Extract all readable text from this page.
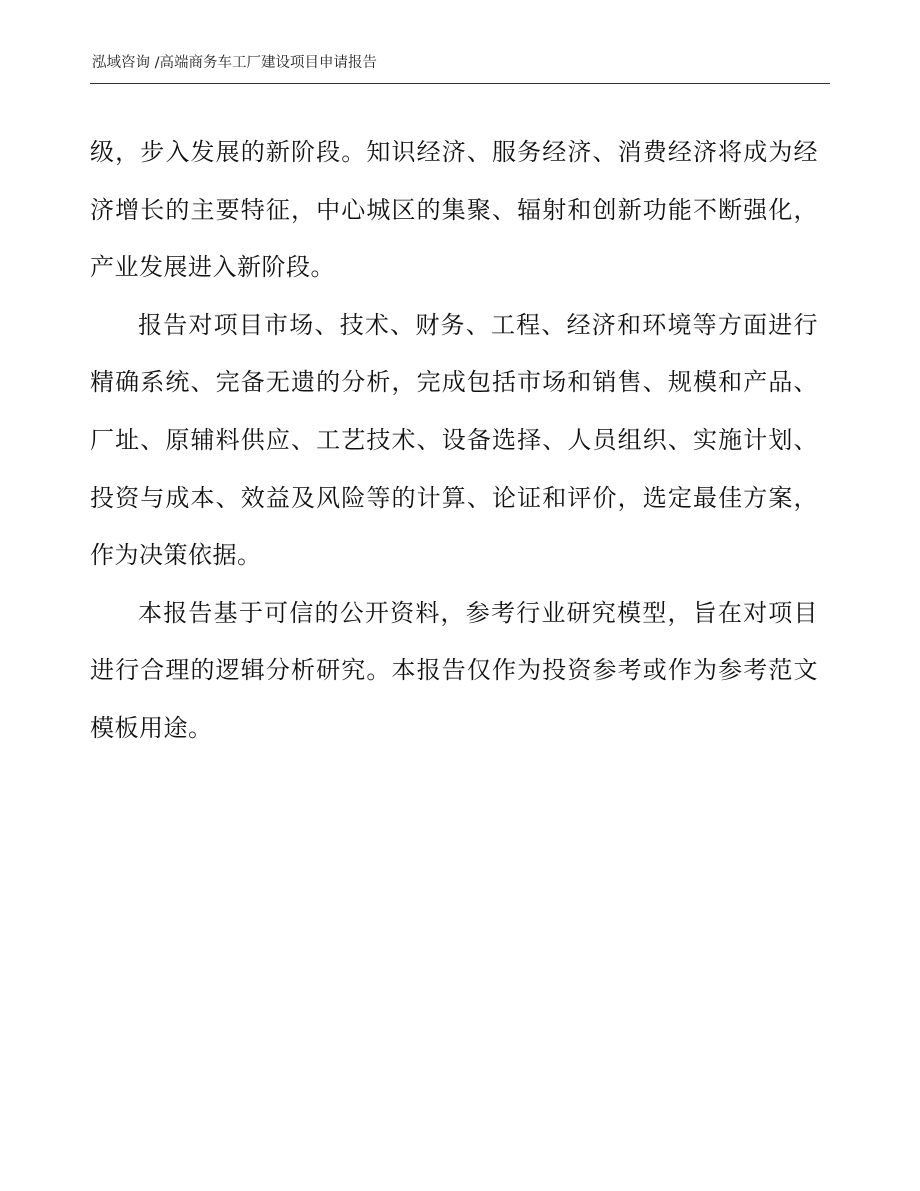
泓域咨询 /高端商务车工厂建设项目申请报告

级，步入发展的新阶段。知识经济、服务经济、消费经济将成为经济增长的主要特征，中心城区的集聚、辐射和创新功能不断强化，产业发展进入新阶段。

报告对项目市场、技术、财务、工程、经济和环境等方面进行精确系统、完备无遗的分析，完成包括市场和销售、规模和产品、厂址、原辅料供应、工艺技术、设备选择、人员组织、实施计划、投资与成本、效益及风险等的计算、论证和评价，选定最佳方案，作为决策依据。

本报告基于可信的公开资料，参考行业研究模型，旨在对项目进行合理的逻辑分析研究。本报告仅作为投资参考或作为参考范文模板用途。
